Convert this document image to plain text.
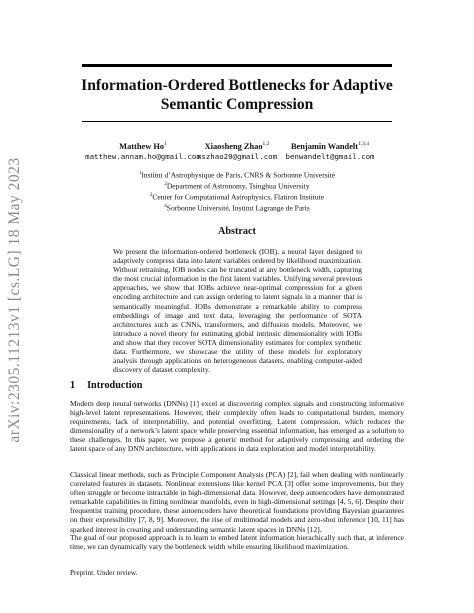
arXiv:2305.11213v1 [cs.LG] 18 May 2023
Information-Ordered Bottlenecks for Adaptive
Semantic Compression
Matthew Ho$^1$
matthew.annam.ho@gmail.com
Xiaosheng Zhao$^{1,2}$
xszhao20@gmail.com
Benjamin Wandelt$^{1,3,4}$
benwandelt@gmail.com
$^1$Institut d’Astrophysique de Paris, CNRS & Sorbonne Université
$^2$Department of Astronomy, Tsinghua University
$^3$Center for Computational Astrophysics, Flatiron Institute
$^4$Sorbonne Université, Institut Lagrange de Paris
Abstract
We present the information-ordered bottleneck (IOB), a neural layer designed to adaptively compress data into latent variables ordered by likelihood maximization. Without retraining, IOB nodes can be truncated at any bottleneck width, capturing the most crucial information in the first latent variables. Unifying several previous approaches, we show that IOBs achieve near-optimal compression for a given encoding architecture and can assign ordering to latent signals in a manner that is semantically meaningful. IOBs demonstrate a remarkable ability to compress embeddings of image and text data, leveraging the performance of SOTA architectures such as CNNs, transformers, and diffusion models. Moreover, we introduce a novel theory for estimating global intrinsic dimensionality with IOBs and show that they recover SOTA dimensionality estimates for complex synthetic data. Furthermore, we showcase the utility of these models for exploratory analysis through applications on heterogeneous datasets, enabling computer-aided discovery of dataset complexity.
1 Introduction
Modern deep neural networks (DNNs) [1] excel at discovering complex signals and constructing informative high-level latent representations. However, their complexity often leads to computational burden, memory requirements, lack of interpretability, and potential overfitting. Latent compression, which reduces the dimensionality of a network’s latent space while preserving essential information, has emerged as a solution to these challenges. In this paper, we propose a generic method for adaptively compressing and ordering the latent space of any DNN architecture, with applications in data exploration and model interpretability.
Classical linear methods, such as Principle Component Analysis (PCA) [2], fail when dealing with nonlinearly correlated features in datasets. Nonlinear extensions like kernel PCA [3] offer some improvements, but they often struggle or become intractable in high-dimensional data. However, deep autoencoders have demonstrated remarkable capabilities in fitting nonlinear manifolds, even in high-dimensional settings [4, 5, 6]. Despite their frequentist training procedure, these autoencoders have theoretical foundations providing Bayesian guarantees on their expressibility [7, 8, 9]. Moreover, the rise of multimodal models and zero-shot inference [10, 11] has sparked interest in creating and understanding semantic latent spaces in DNNs [12].
The goal of our proposed approach is to learn to embed latent information hierachically such that, at inference time, we can dynamically vary the bottleneck width while ensuring likelihood maximization.
Preprint. Under review.
